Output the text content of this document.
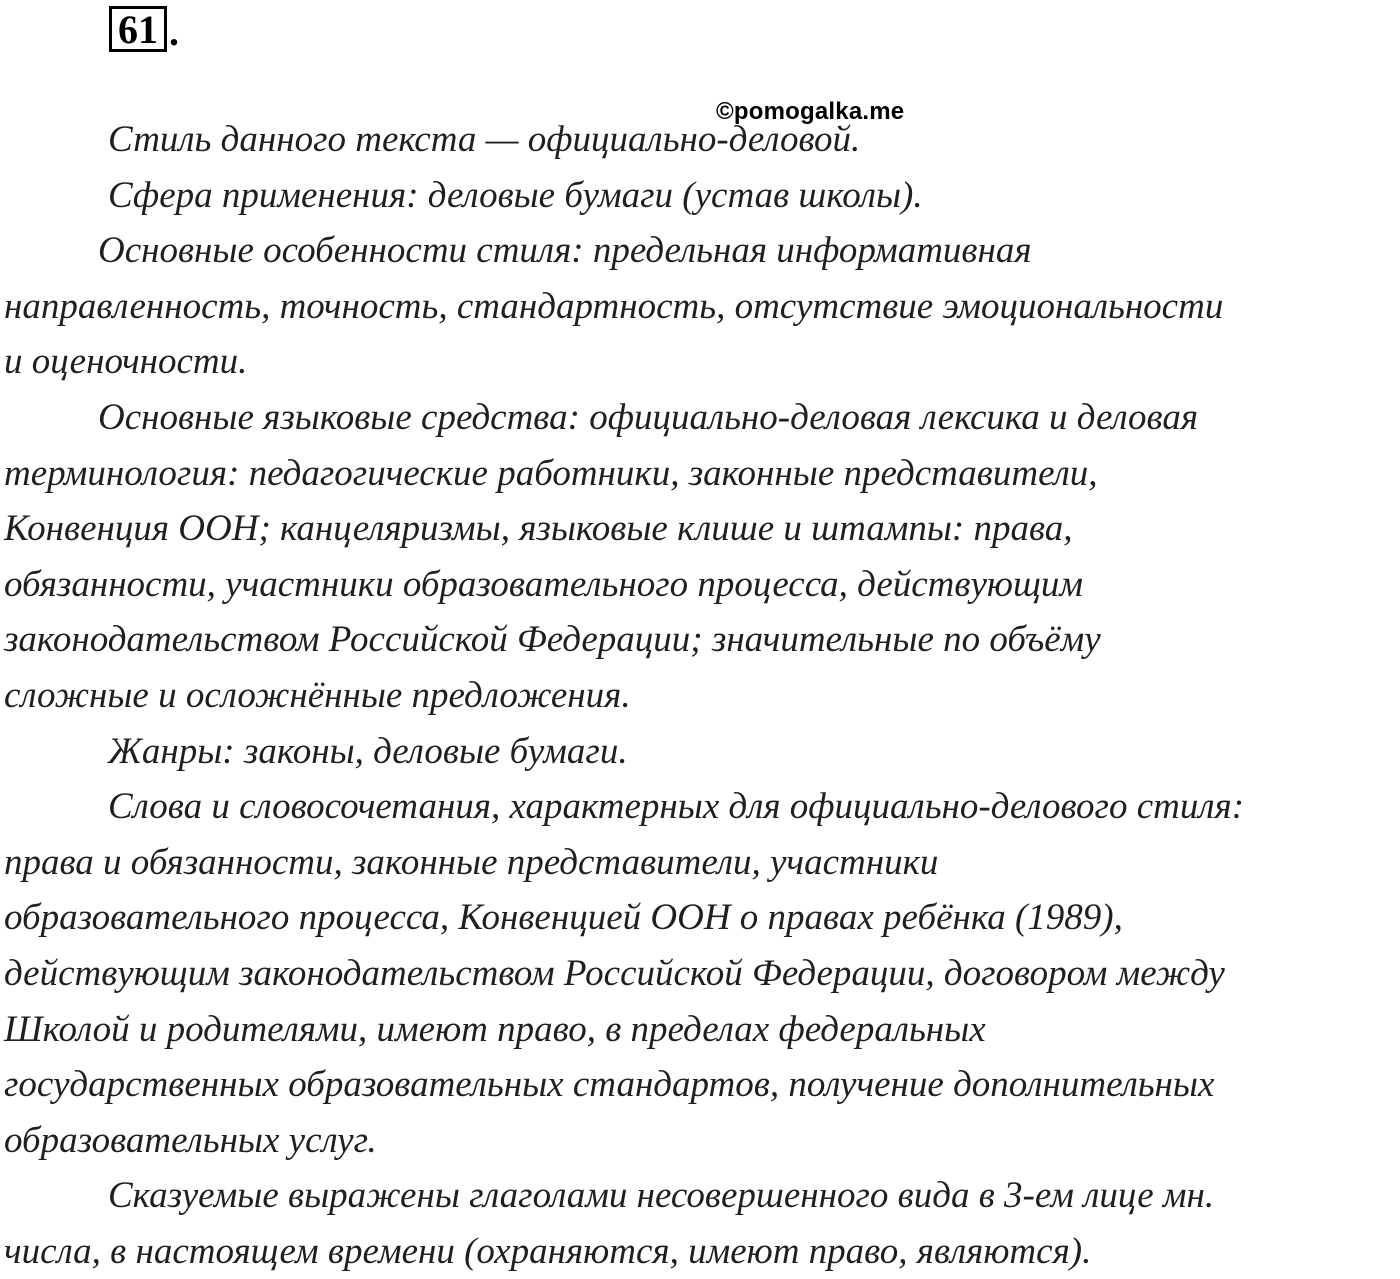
61 .
©pomogalka.me
Стиль данного текста — официально-деловой.
Сфера применения: деловые бумаги (устав школы).
Основные особенности стиля: предельная информативная
направленность, точность, стандартность, отсутствие эмоциональности
и оценочности.
Основные языковые средства: официально-деловая лексика и деловая
терминология: педагогические работники, законные представители,
Конвенция ООН; канцеляризмы, языковые клише и штампы: права,
обязанности, участники образовательного процесса, действующим
законодательством Российской Федерации; значительные по объёму
сложные и осложнённые предложения.
Жанры: законы, деловые бумаги.
Слова и словосочетания, характерных для официально-делового стиля:
права и обязанности, законные представители, участники
образовательного процесса, Конвенцией ООН о правах ребёнка (1989),
действующим законодательством Российской Федерации, договором между
Школой и родителями, имеют право, в пределах федеральных
государственных образовательных стандартов, получение дополнительных
образовательных услуг.
Сказуемые выражены глаголами несовершенного вида в 3-ем лице мн.
числа, в настоящем времени (охраняются, имеют право, являются).
